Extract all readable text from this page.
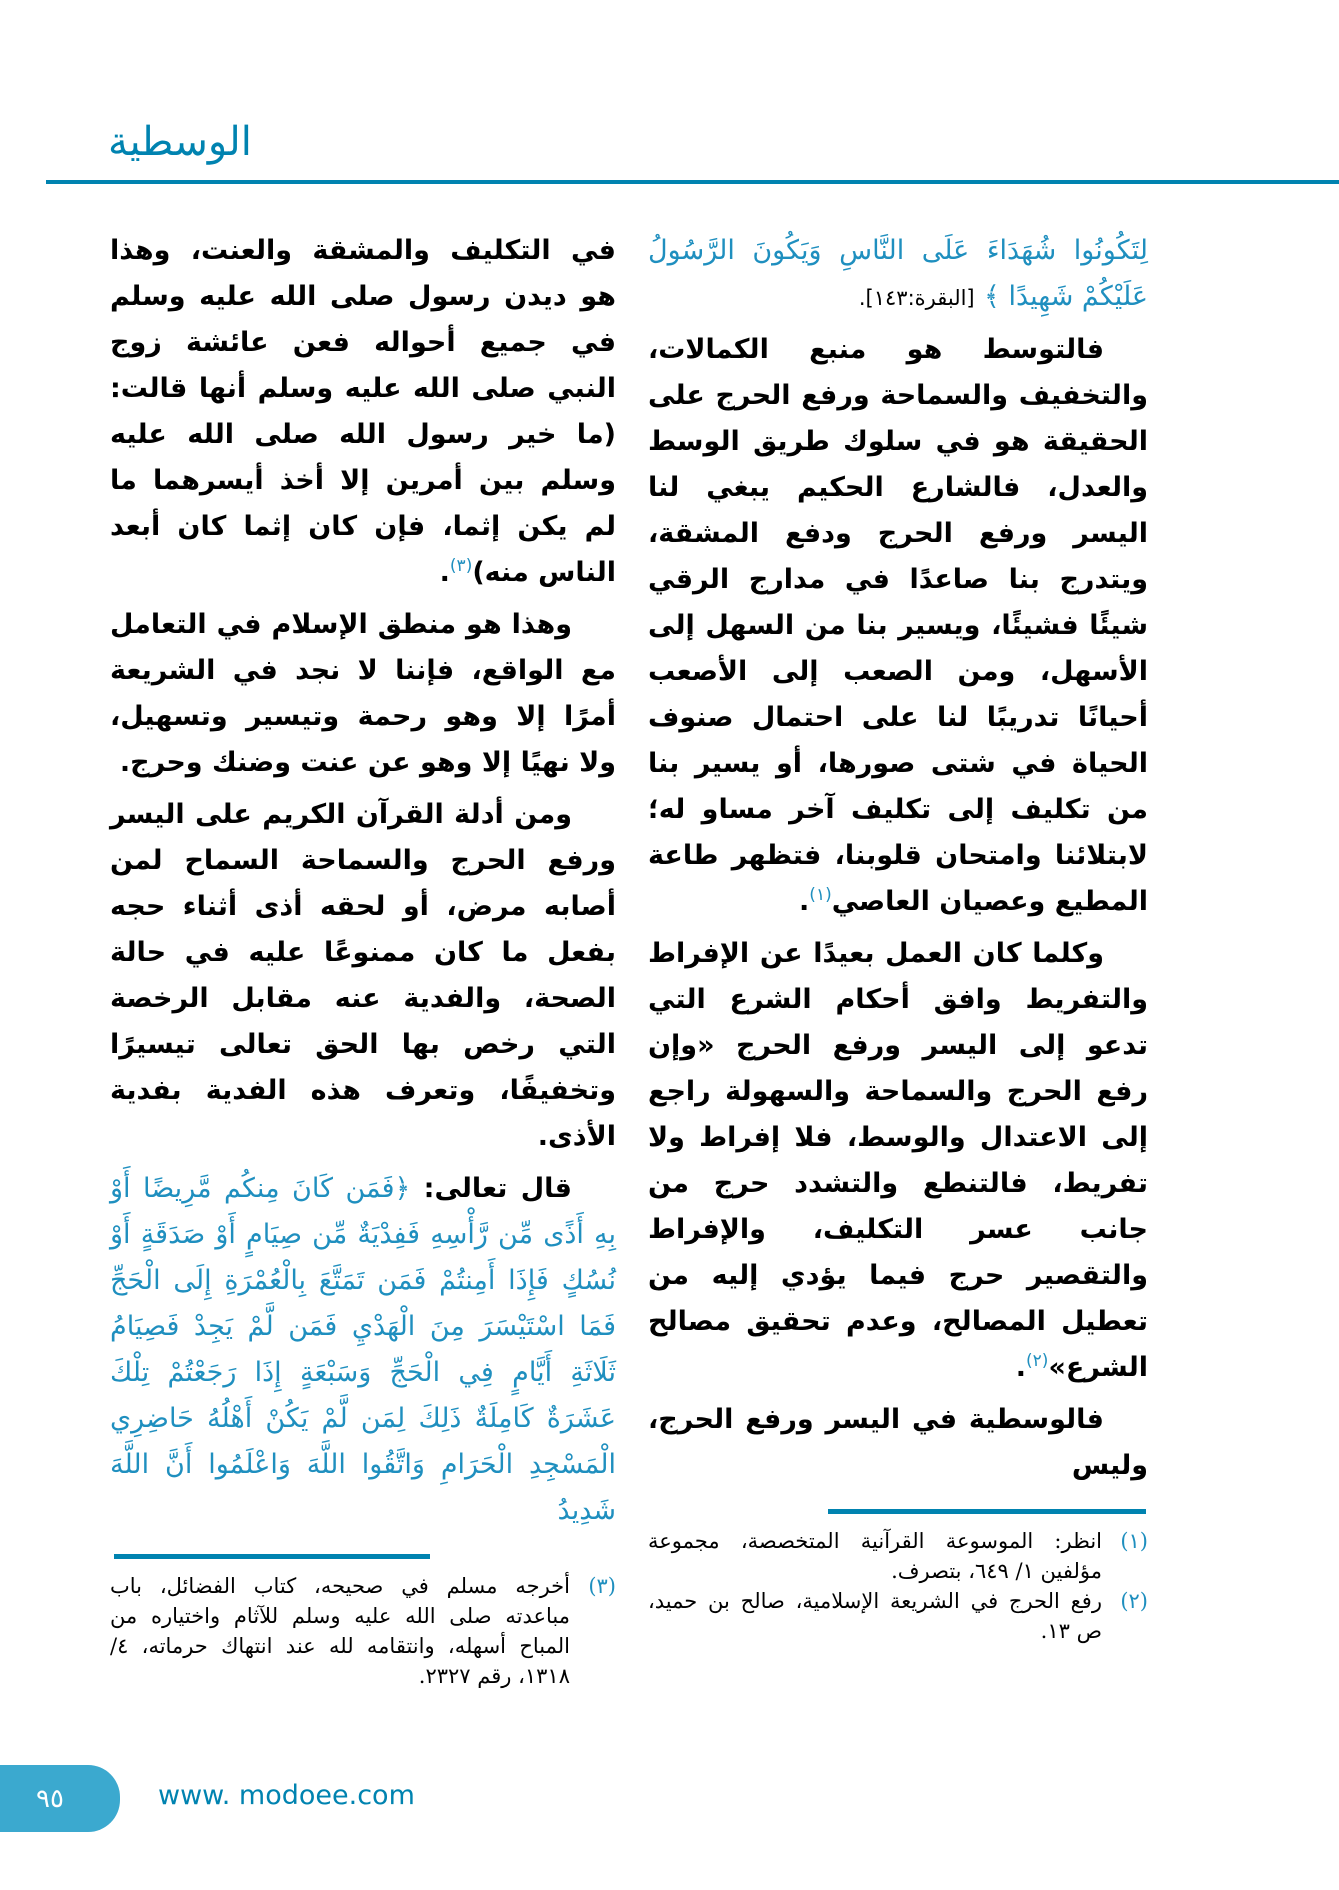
الوسطية

لِتَكُونُوا شُهَدَاءَ عَلَى النَّاسِ وَيَكُونَ الرَّسُولُ عَلَيْكُمْ شَهِيدًا ﴾ [البقرة:١٤٣].

فالتوسط هو منبع الكمالات، والتخفيف والسماحة ورفع الحرج على الحقيقة هو في سلوك طريق الوسط والعدل، فالشارع الحكيم يبغي لنا اليسر ورفع الحرج ودفع المشقة، ويتدرج بنا صاعدًا في مدارج الرقي شيئًا فشيئًا، ويسير بنا من السهل إلى الأسهل، ومن الصعب إلى الأصعب أحيانًا تدريبًا لنا على احتمال صنوف الحياة في شتى صورها، أو يسير بنا من تكليف إلى تكليف آخر مساو له؛ لابتلائنا وامتحان قلوبنا، فتظهر طاعة المطيع وعصيان العاصي$^{(١)}$.

وكلما كان العمل بعيدًا عن الإفراط والتفريط وافق أحكام الشرع التي تدعو إلى اليسر ورفع الحرج «وإن رفع الحرج والسماحة والسهولة راجع إلى الاعتدال والوسط، فلا إفراط ولا تفريط، فالتنطع والتشدد حرج من جانب عسر التكليف، والإفراط والتقصير حرج فيما يؤدي إليه من تعطيل المصالح، وعدم تحقيق مصالح الشرع»$^{(٢)}$.

فالوسطية في اليسر ورفع الحرج، وليس

(١)
انظر: الموسوعة القرآنية المتخصصة، مجموعة مؤلفين ١/ ٦٤٩، بتصرف.

(٢)
رفع الحرج في الشريعة الإسلامية، صالح بن حميد، ص ١٣.

في التكليف والمشقة والعنت، وهذا هو ديدن رسول صلى الله عليه وسلم في جميع أحواله فعن عائشة زوج النبي صلى الله عليه وسلم أنها قالت: (ما خير رسول الله صلى الله عليه وسلم بين أمرين إلا أخذ أيسرهما ما لم يكن إثما، فإن كان إثما كان أبعد الناس منه)$^{(٣)}$.

وهذا هو منطق الإسلام في التعامل مع الواقع، فإننا لا نجد في الشريعة أمرًا إلا وهو رحمة وتيسير وتسهيل، ولا نهيًا إلا وهو عن عنت وضنك وحرج.

ومن أدلة القرآن الكريم على اليسر ورفع الحرج والسماحة السماح لمن أصابه مرض، أو لحقه أذى أثناء حجه بفعل ما كان ممنوعًا عليه في حالة الصحة، والفدية عنه مقابل الرخصة التي رخص بها الحق تعالى تيسيرًا وتخفيفًا، وتعرف هذه الفدية بفدية الأذى.

قال تعالى: ﴿فَمَن كَانَ مِنكُم مَّرِيضًا أَوْ بِهِ أَذًى مِّن رَّأْسِهِ فَفِدْيَةٌ مِّن صِيَامٍ أَوْ صَدَقَةٍ أَوْ نُسُكٍ فَإِذَا أَمِنتُمْ فَمَن تَمَتَّعَ بِالْعُمْرَةِ إِلَى الْحَجِّ فَمَا اسْتَيْسَرَ مِنَ الْهَدْيِ فَمَن لَّمْ يَجِدْ فَصِيَامُ ثَلَاثَةِ أَيَّامٍ فِي الْحَجِّ وَسَبْعَةٍ إِذَا رَجَعْتُمْ تِلْكَ عَشَرَةٌ كَامِلَةٌ ذَلِكَ لِمَن لَّمْ يَكُنْ أَهْلُهُ حَاضِرِي الْمَسْجِدِ الْحَرَامِ وَاتَّقُوا اللَّهَ وَاعْلَمُوا أَنَّ اللَّهَ شَدِيدُ

(٣)
أخرجه مسلم في صحيحه، كتاب الفضائل، باب مباعدته صلى الله عليه وسلم للآثام واختياره من المباح أسهله، وانتقامه لله عند انتهاك حرماته، ٤/ ١٣١٨، رقم ٢٣٢٧.

٩٥	www. modoee.com
